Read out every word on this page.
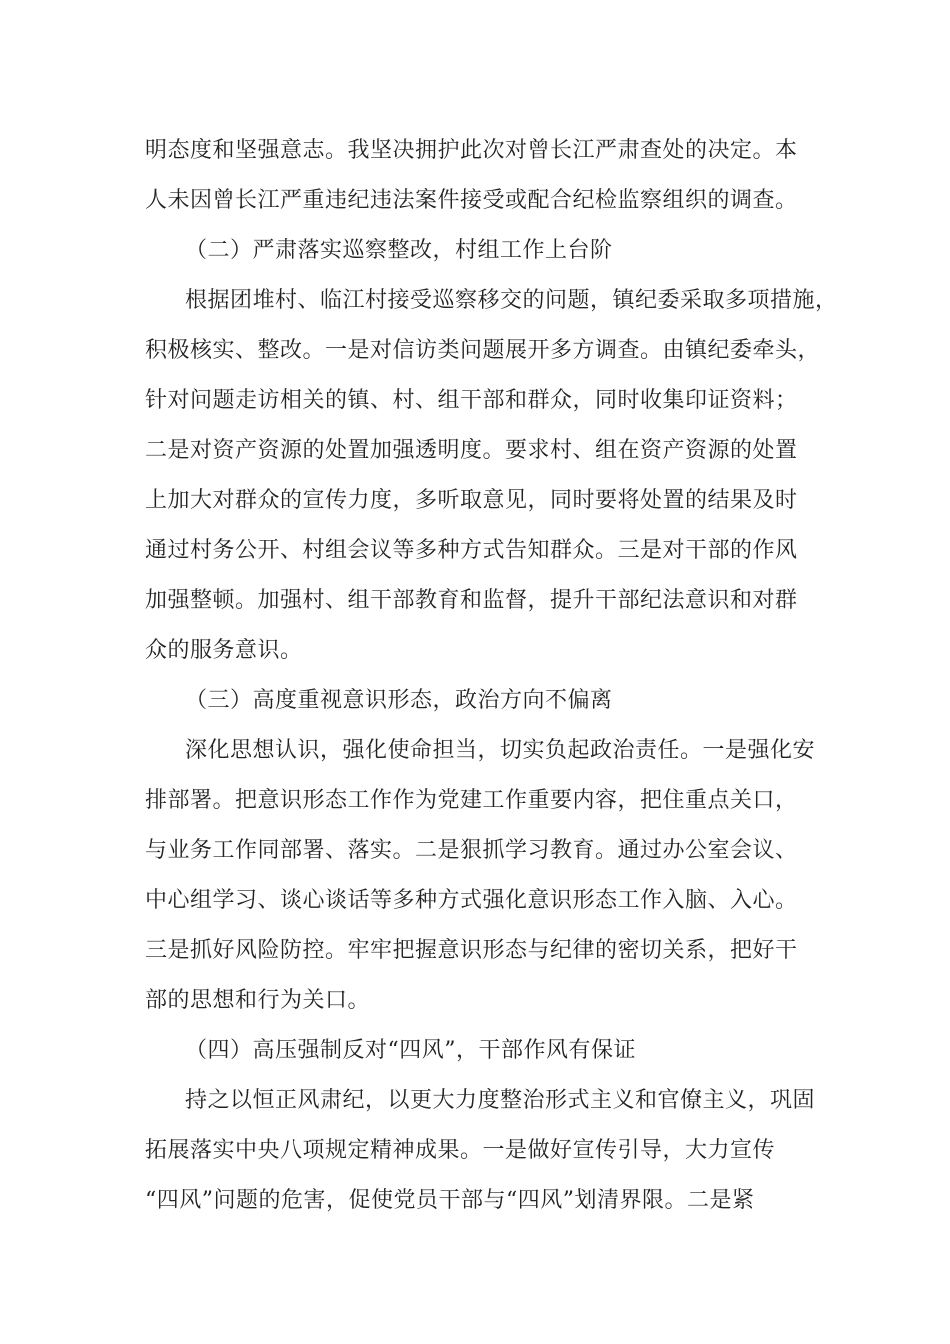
明态度和坚强意志。我坚决拥护此次对曾长江严肃查处的决定。本
人未因曾长江严重违纪违法案件接受或配合纪检监察组织的调查。
（二）严肃落实巡察整改，村组工作上台阶
根据团堆村、临江村接受巡察移交的问题，镇纪委采取多项措施，
积极核实、整改。一是对信访类问题展开多方调查。由镇纪委牵头，
针对问题走访相关的镇、村、组干部和群众，同时收集印证资料；
二是对资产资源的处置加强透明度。要求村、组在资产资源的处置
上加大对群众的宣传力度，多听取意见，同时要将处置的结果及时
通过村务公开、村组会议等多种方式告知群众。三是对干部的作风
加强整顿。加强村、组干部教育和监督，提升干部纪法意识和对群
众的服务意识。
（三）高度重视意识形态，政治方向不偏离
深化思想认识，强化使命担当，切实负起政治责任。一是强化安
排部署。把意识形态工作作为党建工作重要内容，把住重点关口，
与业务工作同部署、落实。二是狠抓学习教育。通过办公室会议、
中心组学习、谈心谈话等多种方式强化意识形态工作入脑、入心。
三是抓好风险防控。牢牢把握意识形态与纪律的密切关系，把好干
部的思想和行为关口。
（四）高压强制反对“四风”，干部作风有保证
持之以恒正风肃纪，以更大力度整治形式主义和官僚主义，巩固
拓展落实中央八项规定精神成果。一是做好宣传引导，大力宣传
“四风”问题的危害，促使党员干部与“四风”划清界限。二是紧
